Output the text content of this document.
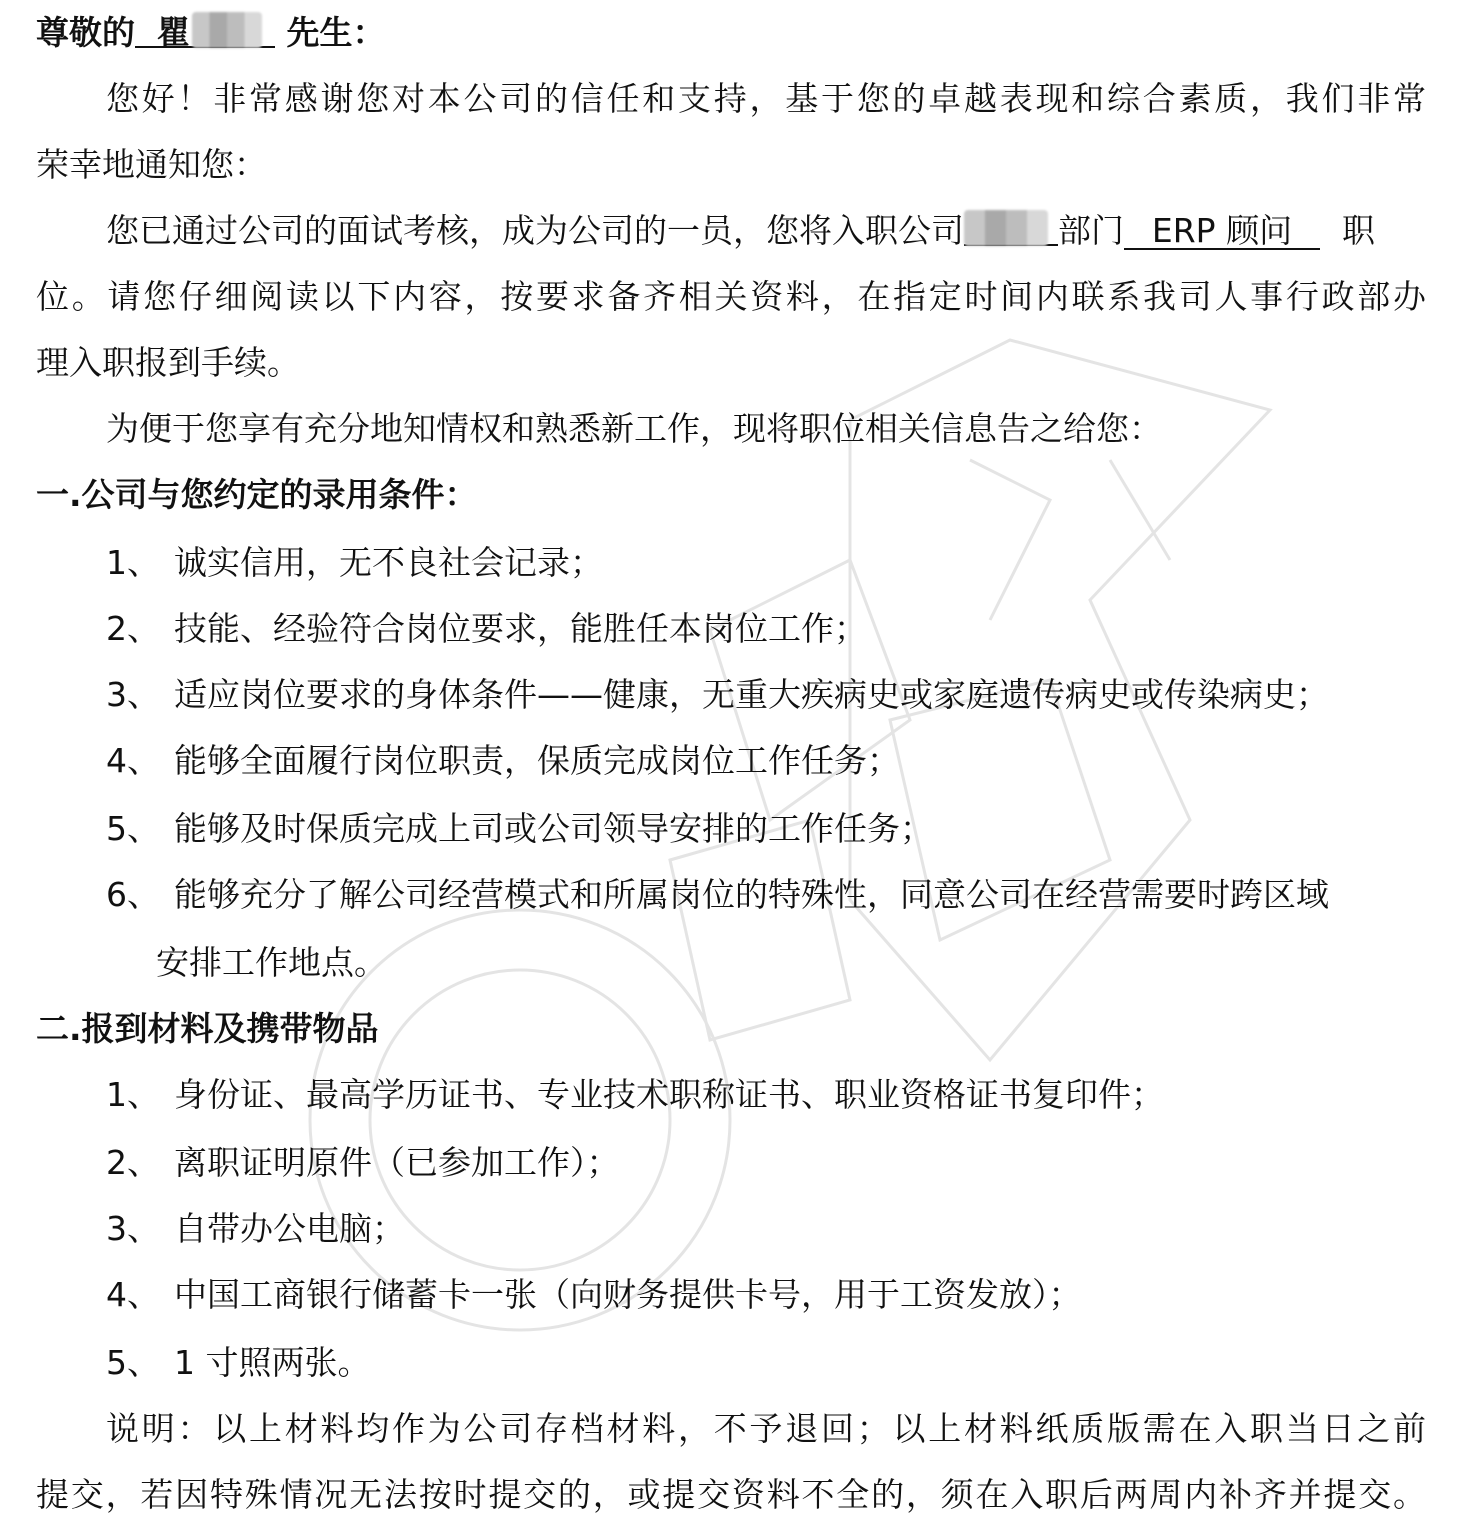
尊敬的 瞿	先生：
您好！非常感谢您对本公司的信任和支持，基于您的卓越表现和综合素质，我们非常
荣幸地通知您：
您已通过公司的面试考核，成为公司的一员，您将入职公司	部门 ERP 顾问 职
位。请您仔细阅读以下内容，按要求备齐相关资料，在指定时间内联系我司人事行政部办
理入职报到手续。
为便于您享有充分地知情权和熟悉新工作，现将职位相关信息告之给您：
一.公司与您约定的录用条件：
1、 诚实信用，无不良社会记录；
2、 技能、经验符合岗位要求，能胜任本岗位工作；
3、 适应岗位要求的身体条件——健康，无重大疾病史或家庭遗传病史或传染病史；
4、 能够全面履行岗位职责，保质完成岗位工作任务；
5、 能够及时保质完成上司或公司领导安排的工作任务；
6、 能够充分了解公司经营模式和所属岗位的特殊性，同意公司在经营需要时跨区域
安排工作地点。
二.报到材料及携带物品
1、 身份证、最高学历证书、专业技术职称证书、职业资格证书复印件；
2、 离职证明原件（已参加工作）；
3、 自带办公电脑；
4、 中国工商银行储蓄卡一张（向财务提供卡号，用于工资发放）；
5、 1 寸照两张。
说明：以上材料均作为公司存档材料，不予退回；以上材料纸质版需在入职当日之前
提交，若因特殊情况无法按时提交的，或提交资料不全的，须在入职后两周内补齐并提交。
